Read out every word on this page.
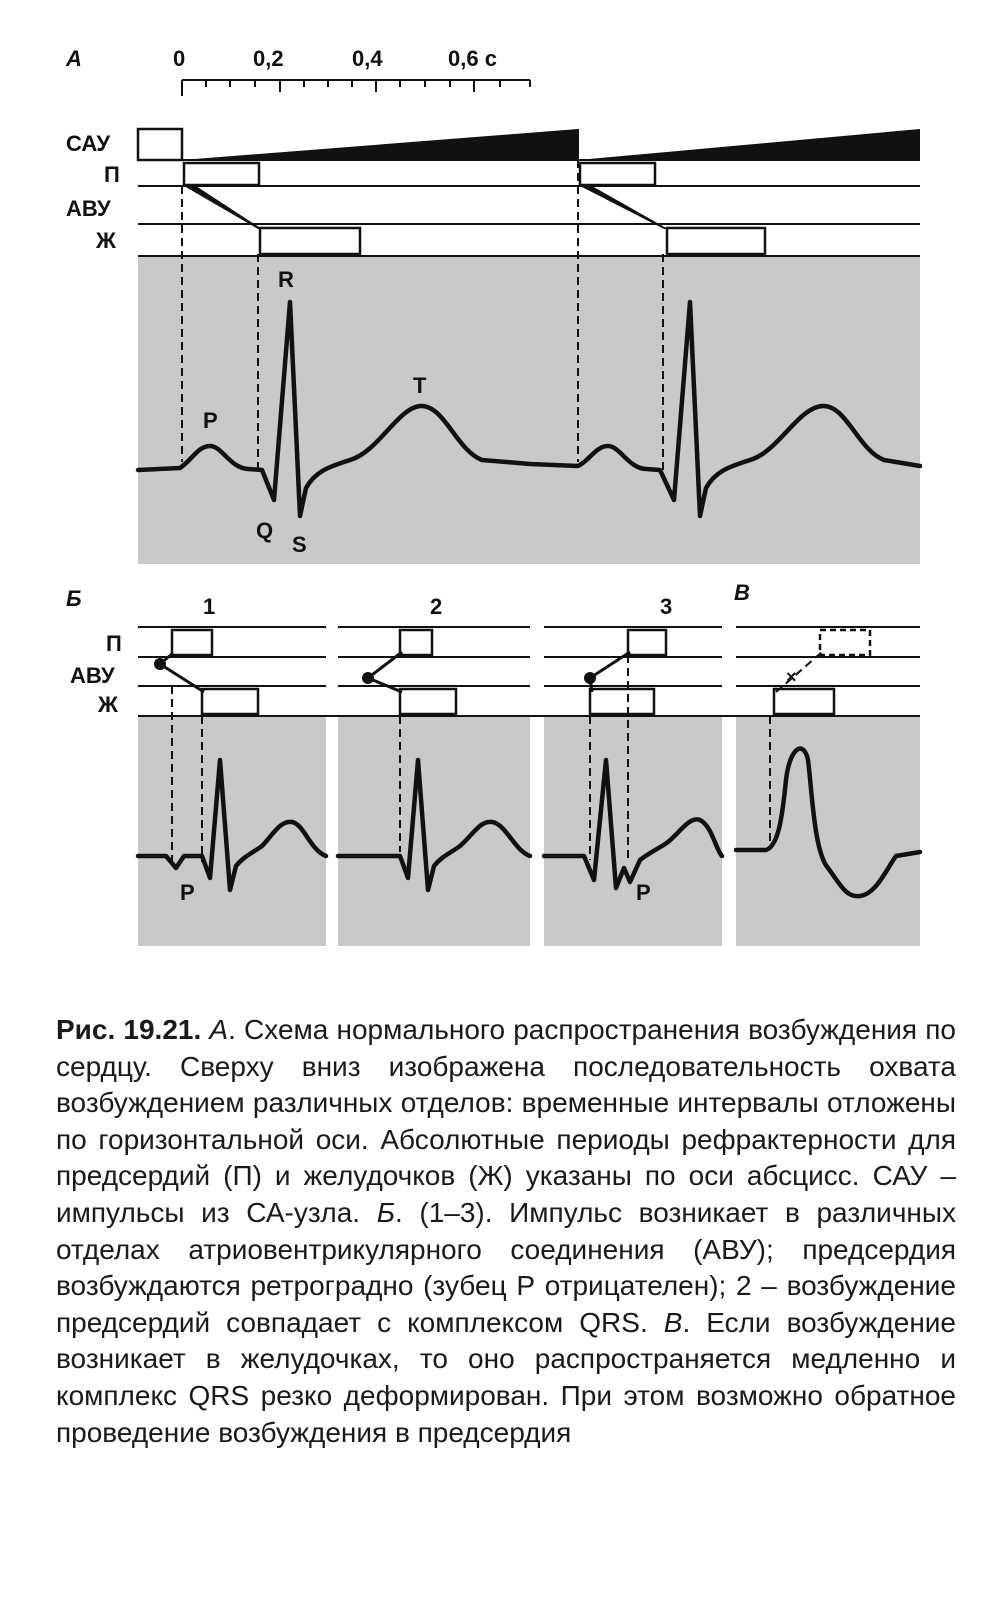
А	0	0,2	0,4	0,6 с
САУ
П
АВУ
Ж
P
Q
R
S
T
Б	В
1	2	3
П
АВУ
Ж
×
P	P
Рис. 19.21. А. Схема нормального распространения возбуждения по сердцу. Сверху вниз изображена последовательность охвата возбуждением различных отделов: временные интервалы отложены по горизонтальной оси. Абсолютные периоды рефрактерности для предсердий (П) и желудочков (Ж) указаны по оси абсцисс. САУ – импульсы из СА-узла. Б. (1–3). Импульс возникает в различных отделах атриовентрикулярного соединения (АВУ); предсердия возбуждаются ретроградно (зубец Р отрицателен); 2 – возбуждение предсердий совпадает с комплексом QRS. В. Если возбуждение возникает в желудочках, то оно распространяется медленно и комплекс QRS резко деформирован. При этом возможно обратное проведение возбуждения в предсердия
